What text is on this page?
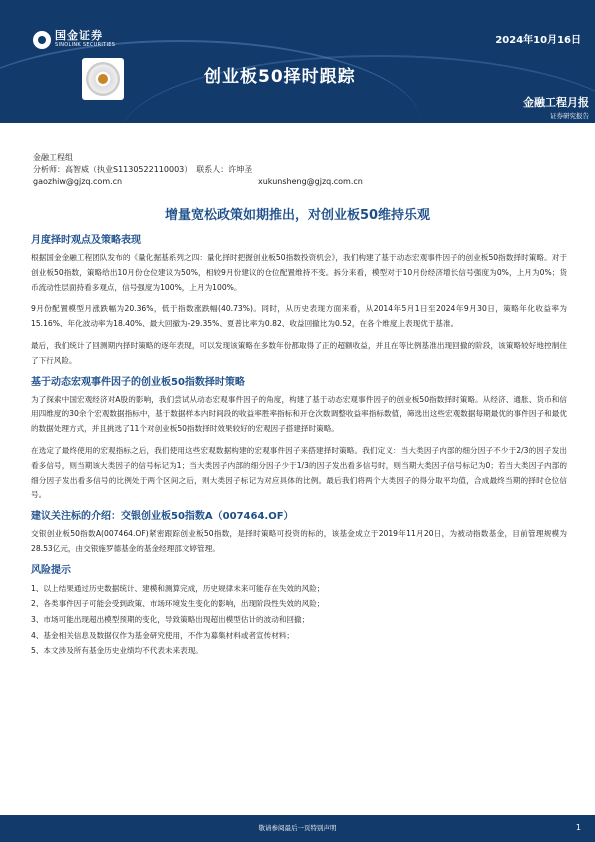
国金证券
SINOLINK SECURITIES	2024年10月16日
创业板50择时跟踪
金融工程月报
证券研究报告
金融工程组
分析师：高智威（执业S1130522110003） 联系人：许坤圣
gaozhiw@gjzq.com.cn	xukunsheng@gjzq.com.cn
增量宽松政策如期推出，对创业板50维持乐观
月度择时观点及策略表现

根据国金金融工程团队发布的《量化掘基系列之四：量化择时把握创业板50指数投资机会》，我们构建了基于动态宏观事件因子的创业板50指数择时策略。对于创业板50指数，策略给出10月份仓位建议为50%，相较9月份建议的仓位配置维持不变。拆分来看，模型对于10月份经济增长信号强度为0%，上月为0%；货币流动性层面持看多观点，信号强度为100%，上月为100%。

9月份配置模型月涨跌幅为20.36%，低于指数涨跌幅(40.73%)。同时，从历史表现方面来看，从2014年5月1日至2024年9月30日，策略年化收益率为15.16%、年化波动率为18.40%、最大回撤为-29.35%、夏普比率为0.82、收益回撤比为0.52，在各个维度上表现优于基准。

最后，我们统计了回测期内择时策略的逐年表现，可以发现该策略在多数年份都取得了正的超额收益，并且在等比例基准出现回撤的阶段，该策略较好地控制住了下行风险。

基于动态宏观事件因子的创业板50指数择时策略

为了探索中国宏观经济对A股的影响，我们尝试从动态宏观事件因子的角度，构建了基于动态宏观事件因子的创业板50指数择时策略。从经济、通胀、货币和信用四维度的30余个宏观数据指标中，基于数据样本内时间段的收益率胜率指标和开仓次数调整收益率指标数值，筛选出这些宏观数据每期最优的事件因子和最优的数据处理方式，并且挑选了11个对创业板50指数择时效果较好的宏观因子搭建择时策略。

在选定了最终使用的宏观指标之后，我们使用这些宏观数据构建的宏观事件因子来搭建择时策略。我们定义：当大类因子内部的细分因子不少于2/3的因子发出看多信号，则当期该大类因子的信号标记为1；当大类因子内部的细分因子少于1/3的因子发出看多信号时，则当期大类因子信号标记为0；若当大类因子内部的细分因子发出看多信号的比例处于两个区间之后，则大类因子标记为对应具体的比例。最后我们将两个大类因子的得分取平均值，合成最终当期的择时仓位信号。

建议关注标的介绍：交银创业板50指数A（007464.OF）

交银创业板50指数A(007464.OF)紧密跟踪创业板50指数，是择时策略可投资的标的，该基金成立于2019年11月20日，为被动指数基金，目前管理规模为28.53亿元，由交银施罗德基金的基金经理邵文婷管理。

风险提示

1、以上结果通过历史数据统计、建模和测算完成，历史规律未来可能存在失效的风险；

2、各类事件因子可能会受到政策、市场环境发生变化的影响，出现阶段性失效的风险；

3、市场可能出现超出模型预期的变化，导致策略出现超出模型估计的波动和回撤；

4、基金相关信息及数据仅作为基金研究使用，不作为募集材料或者宣传材料；

5、本文涉及所有基金历史业绩均不代表未来表现。

敬请参阅最后一页特别声明	1
